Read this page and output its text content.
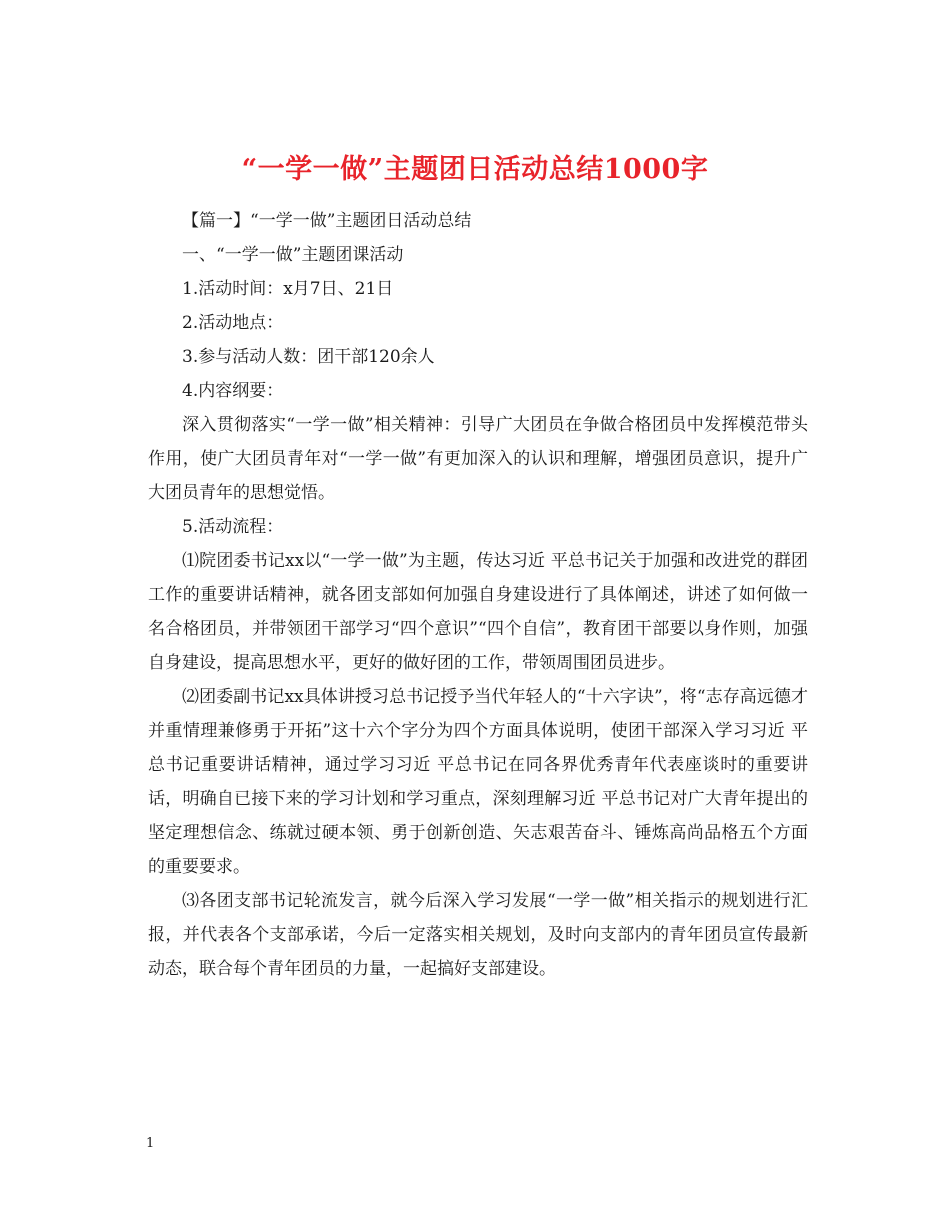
“一学一做”主题团日活动总结1000字

【篇一】“一学一做”主题团日活动总结

一、“一学一做”主题团课活动

1.活动时间：x月7日、21日

2.活动地点：

3.参与活动人数：团干部120余人

4.内容纲要：

深入贯彻落实“一学一做”相关精神：引导广大团员在争做合格团员中发挥模范带头作用，使广大团员青年对“一学一做”有更加深入的认识和理解，增强团员意识，提升广大团员青年的思想觉悟。

5.活动流程：

⑴院团委书记xx以“一学一做”为主题，传达习近 平总书记关于加强和改进党的群团工作的重要讲话精神，就各团支部如何加强自身建设进行了具体阐述，讲述了如何做一名合格团员，并带领团干部学习“四个意识”“四个自信”，教育团干部要以身作则，加强自身建设，提高思想水平，更好的做好团的工作，带领周围团员进步。

⑵团委副书记xx具体讲授习总书记授予当代年轻人的“十六字诀”，将“志存高远德才并重情理兼修勇于开拓”这十六个字分为四个方面具体说明，使团干部深入学习习近 平总书记重要讲话精神，通过学习习近 平总书记在同各界优秀青年代表座谈时的重要讲话，明确自已接下来的学习计划和学习重点，深刻理解习近 平总书记对广大青年提出的坚定理想信念、练就过硬本领、勇于创新创造、矢志艰苦奋斗、锤炼高尚品格五个方面的重要要求。

⑶各团支部书记轮流发言，就今后深入学习发展“一学一做”相关指示的规划进行汇报，并代表各个支部承诺，今后一定落实相关规划，及时向支部内的青年团员宣传最新动态，联合每个青年团员的力量，一起搞好支部建设。

1
